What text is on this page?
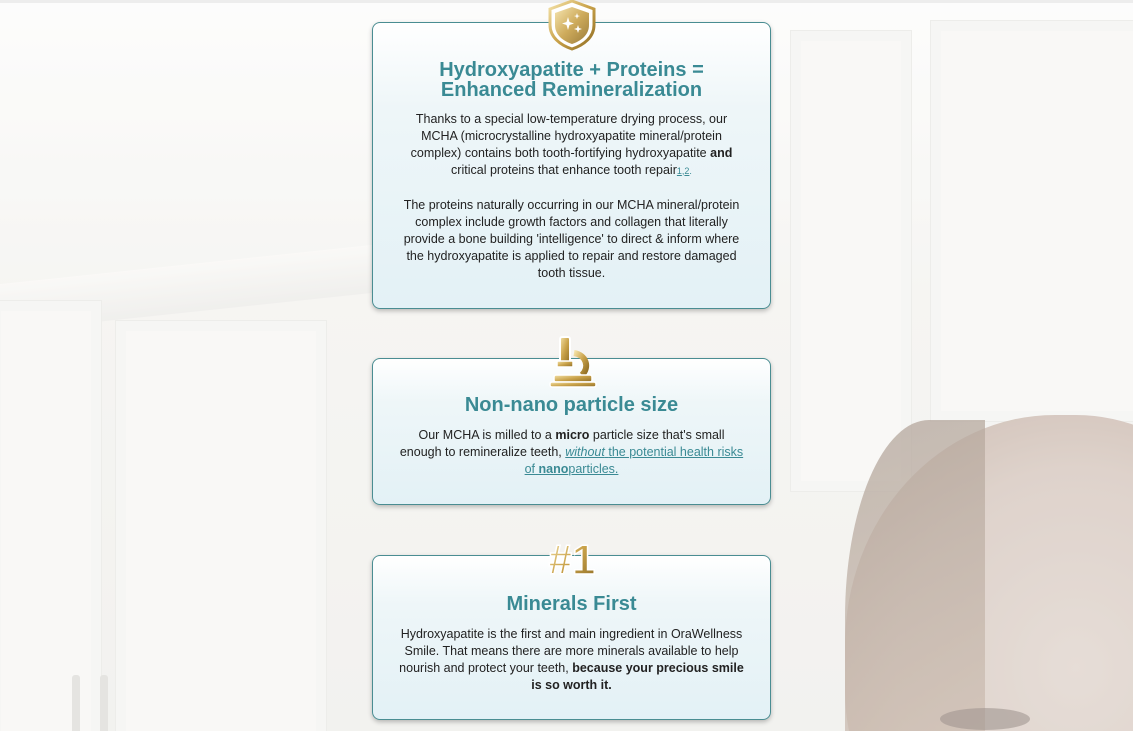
Hydroxyapatite + Proteins =
Enhanced Remineralization

Thanks to a special low-temperature drying process, our MCHA (microcrystalline hydroxyapatite mineral/protein complex) contains both tooth-fortifying hydroxyapatite and critical proteins that enhance tooth repair1,2.

The proteins naturally occurring in our MCHA mineral/protein complex include growth factors and collagen that literally provide a bone building 'intelligence' to direct & inform where the hydroxyapatite is applied to repair and restore damaged tooth tissue.

Non-nano particle size

Our MCHA is milled to a micro particle size that's small enough to remineralize teeth, without the potential health risks of nanoparticles.

#1
Minerals First

Hydroxyapatite is the first and main ingredient in OraWellness Smile. That means there are more minerals available to help nourish and protect your teeth, because your precious smile is so worth it.
